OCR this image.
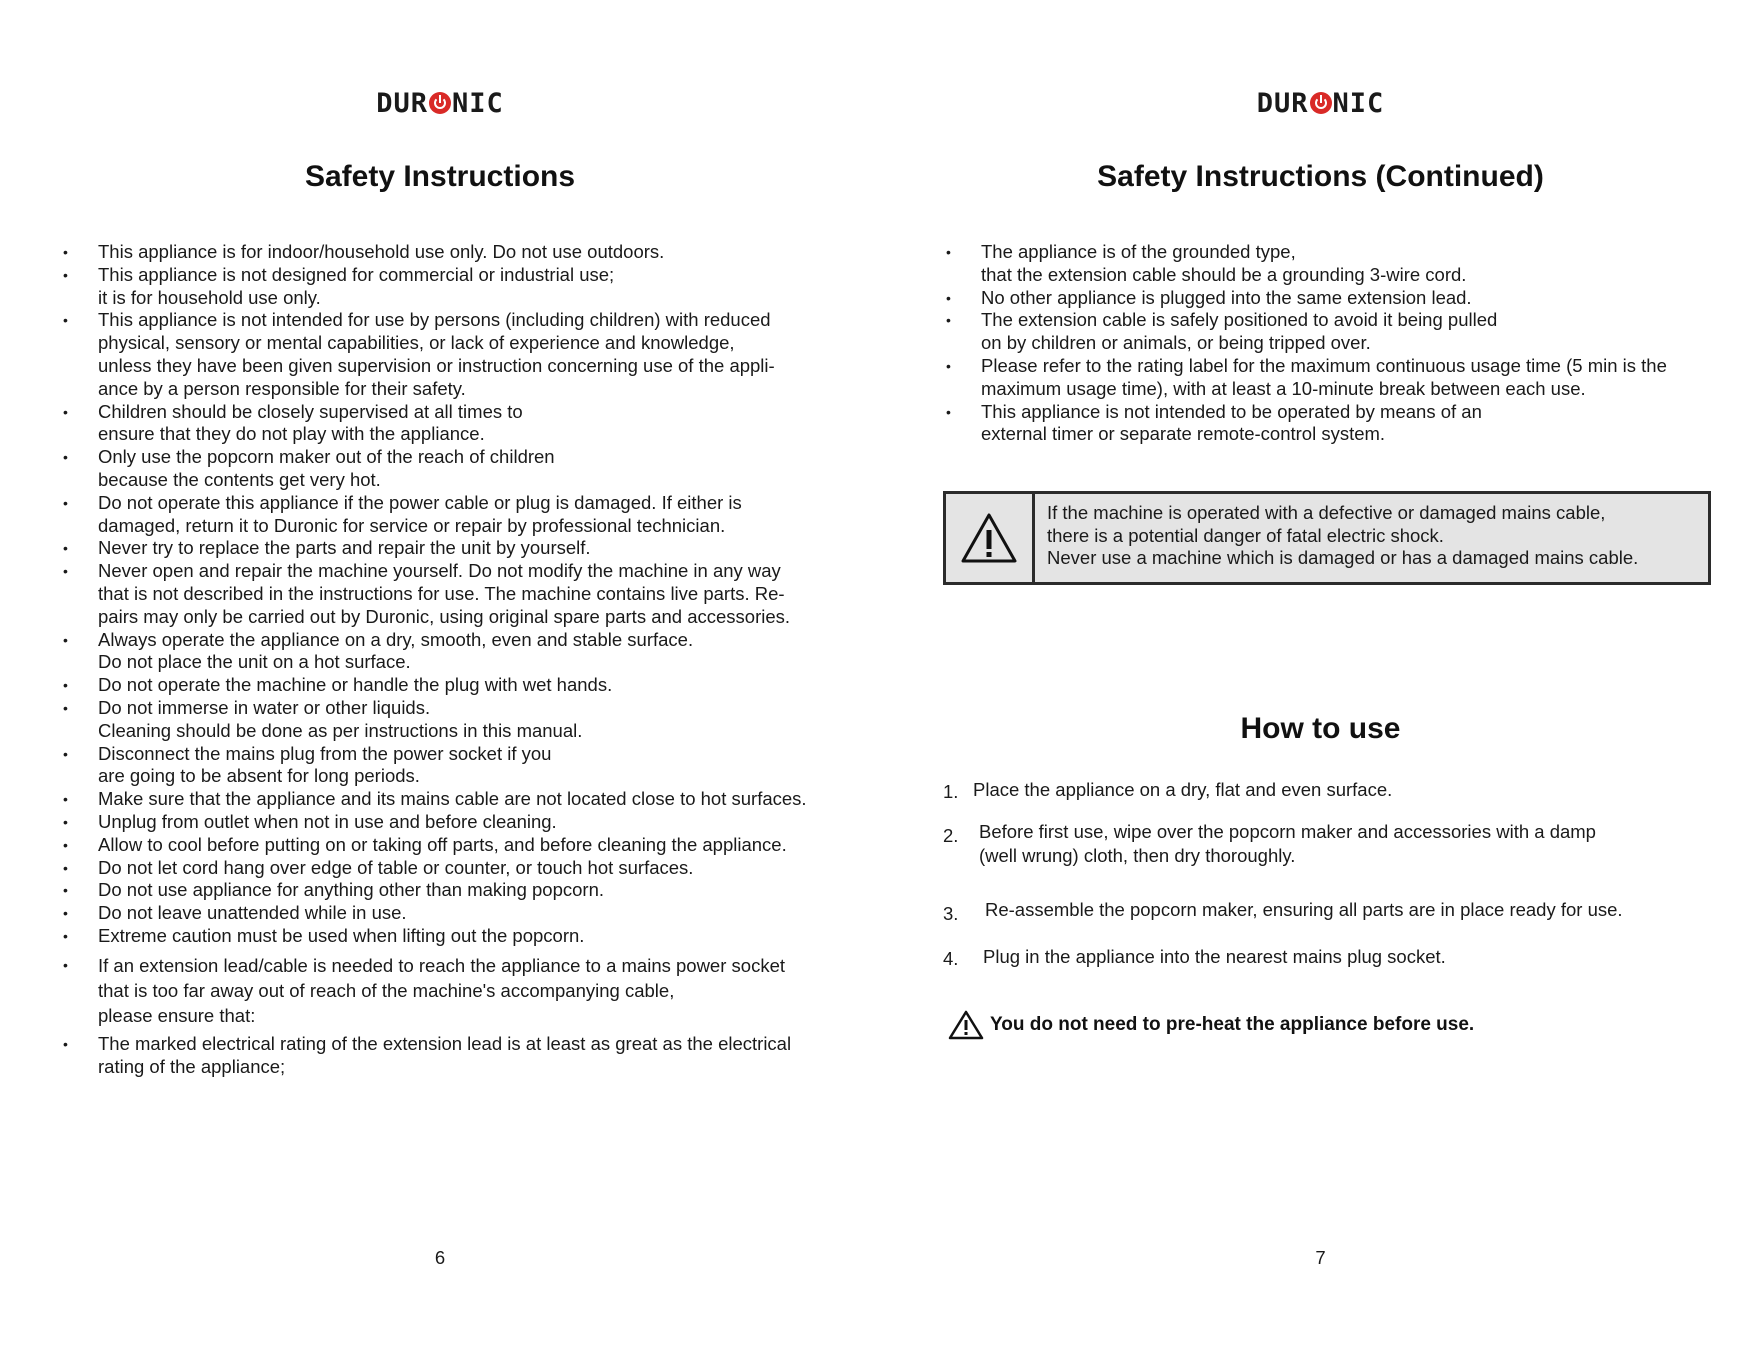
DUR NIC
Safety Instructions
6
• This appliance is for indoor/household use only. Do not use outdoors.
• This appliance is not designed for commercial or industrial use;
it is for household use only.
• This appliance is not intended for use by persons (including children) with reduced
physical, sensory or mental capabilities, or lack of experience and knowledge,
unless they have been given supervision or instruction concerning use of the appli-
ance by a person responsible for their safety.
• Children should be closely supervised at all times to
ensure that they do not play with the appliance.
• Only use the popcorn maker out of the reach of children
because the contents get very hot.
• Do not operate this appliance if the power cable or plug is damaged. If either is
damaged, return it to Duronic for service or repair by professional technician.
• Never try to replace the parts and repair the unit by yourself.
• Never open and repair the machine yourself. Do not modify the machine in any way
that is not described in the instructions for use. The machine contains live parts. Re-
pairs may only be carried out by Duronic, using original spare parts and accessories.
• Always operate the appliance on a dry, smooth, even and stable surface.
Do not place the unit on a hot surface.
• Do not operate the machine or handle the plug with wet hands.
• Do not immerse in water or other liquids.
Cleaning should be done as per instructions in this manual.
• Disconnect the mains plug from the power socket if you
are going to be absent for long periods.
• Make sure that the appliance and its mains cable are not located close to hot surfaces.
• Unplug from outlet when not in use and before cleaning.
• Allow to cool before putting on or taking off parts, and before cleaning the appliance.
• Do not let cord hang over edge of table or counter, or touch hot surfaces.
• Do not use appliance for anything other than making popcorn.
• Do not leave unattended while in use.
• Extreme caution must be used when lifting out the popcorn.
• If an extension lead/cable is needed to reach the appliance to a mains power socket
that is too far away out of reach of the machine's accompanying cable,
please ensure that:
• The marked electrical rating of the extension lead is at least as great as the electrical
rating of the appliance;
DUR NIC
Safety Instructions (Continued)
How to use
7
• The appliance is of the grounded type,
that the extension cable should be a grounding 3-wire cord.
• No other appliance is plugged into the same extension lead.
• The extension cable is safely positioned to avoid it being pulled
on by children or animals, or being tripped over.
• Please refer to the rating label for the maximum continuous usage time (5 min is the
maximum usage time), with at least a 10-minute break between each use.
• This appliance is not intended to be operated by means of an
external timer or separate remote-control system.
If the machine is operated with a defective or damaged mains cable,
there is a potential danger of fatal electric shock.
Never use a machine which is damaged or has a damaged mains cable.

1. Place the appliance on a dry, flat and even surface.

2. Before first use, wipe over the popcorn maker and accessories with a damp
(well wrung) cloth, then dry thoroughly.

3. Re-assemble the popcorn maker, ensuring all parts are in place ready for use.

4. Plug in the appliance into the nearest mains plug socket.

You do not need to pre-heat the appliance before use.
